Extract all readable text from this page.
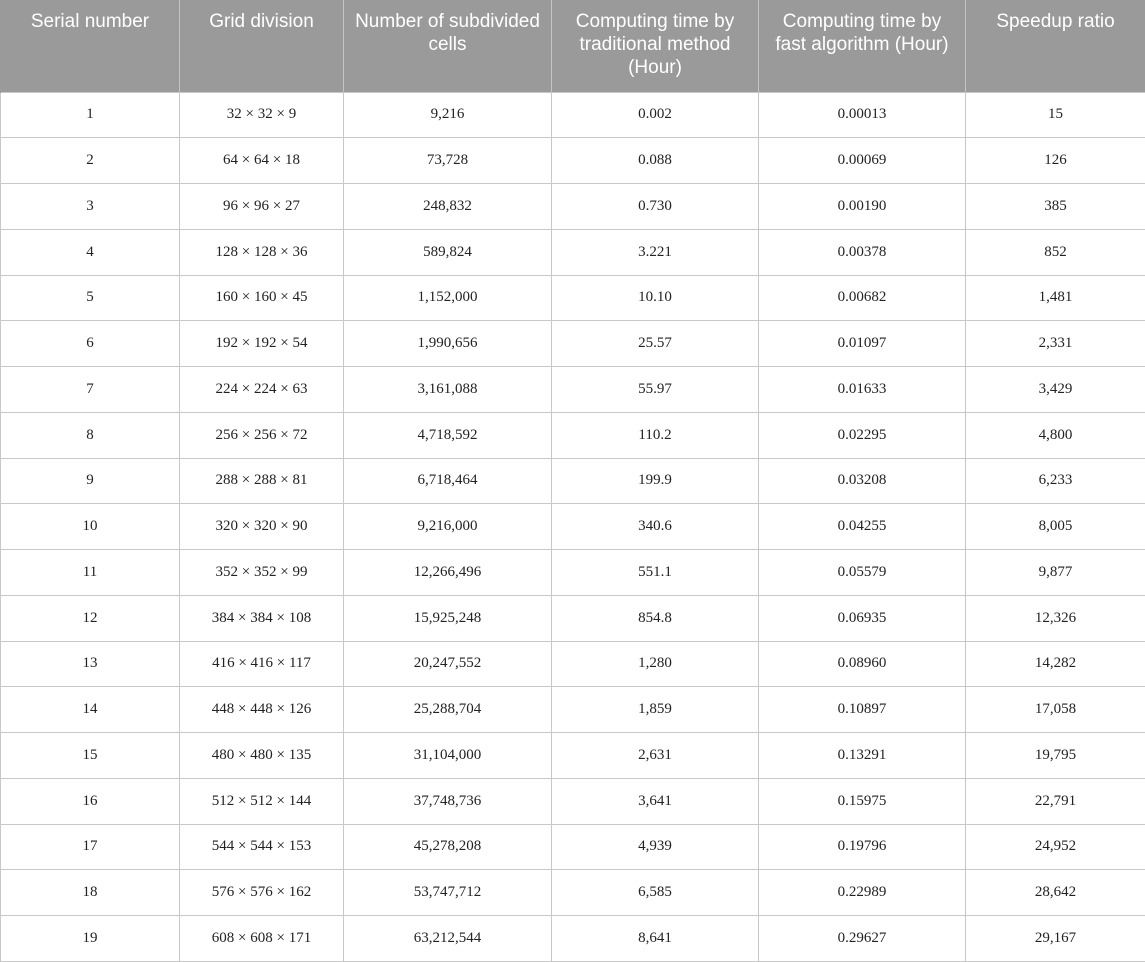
Serial number	Grid division	Number of subdivided cells	Computing time by traditional method (Hour)	Computing time by fast algorithm (Hour)	Speedup ratio
1	32 × 32 × 9	9,216	0.002	0.00013	15
2	64 × 64 × 18	73,728	0.088	0.00069	126
3	96 × 96 × 27	248,832	0.730	0.00190	385
4	128 × 128 × 36	589,824	3.221	0.00378	852
5	160 × 160 × 45	1,152,000	10.10	0.00682	1,481
6	192 × 192 × 54	1,990,656	25.57	0.01097	2,331
7	224 × 224 × 63	3,161,088	55.97	0.01633	3,429
8	256 × 256 × 72	4,718,592	110.2	0.02295	4,800
9	288 × 288 × 81	6,718,464	199.9	0.03208	6,233
10	320 × 320 × 90	9,216,000	340.6	0.04255	8,005
11	352 × 352 × 99	12,266,496	551.1	0.05579	9,877
12	384 × 384 × 108	15,925,248	854.8	0.06935	12,326
13	416 × 416 × 117	20,247,552	1,280	0.08960	14,282
14	448 × 448 × 126	25,288,704	1,859	0.10897	17,058
15	480 × 480 × 135	31,104,000	2,631	0.13291	19,795
16	512 × 512 × 144	37,748,736	3,641	0.15975	22,791
17	544 × 544 × 153	45,278,208	4,939	0.19796	24,952
18	576 × 576 × 162	53,747,712	6,585	0.22989	28,642
19	608 × 608 × 171	63,212,544	8,641	0.29627	29,167
